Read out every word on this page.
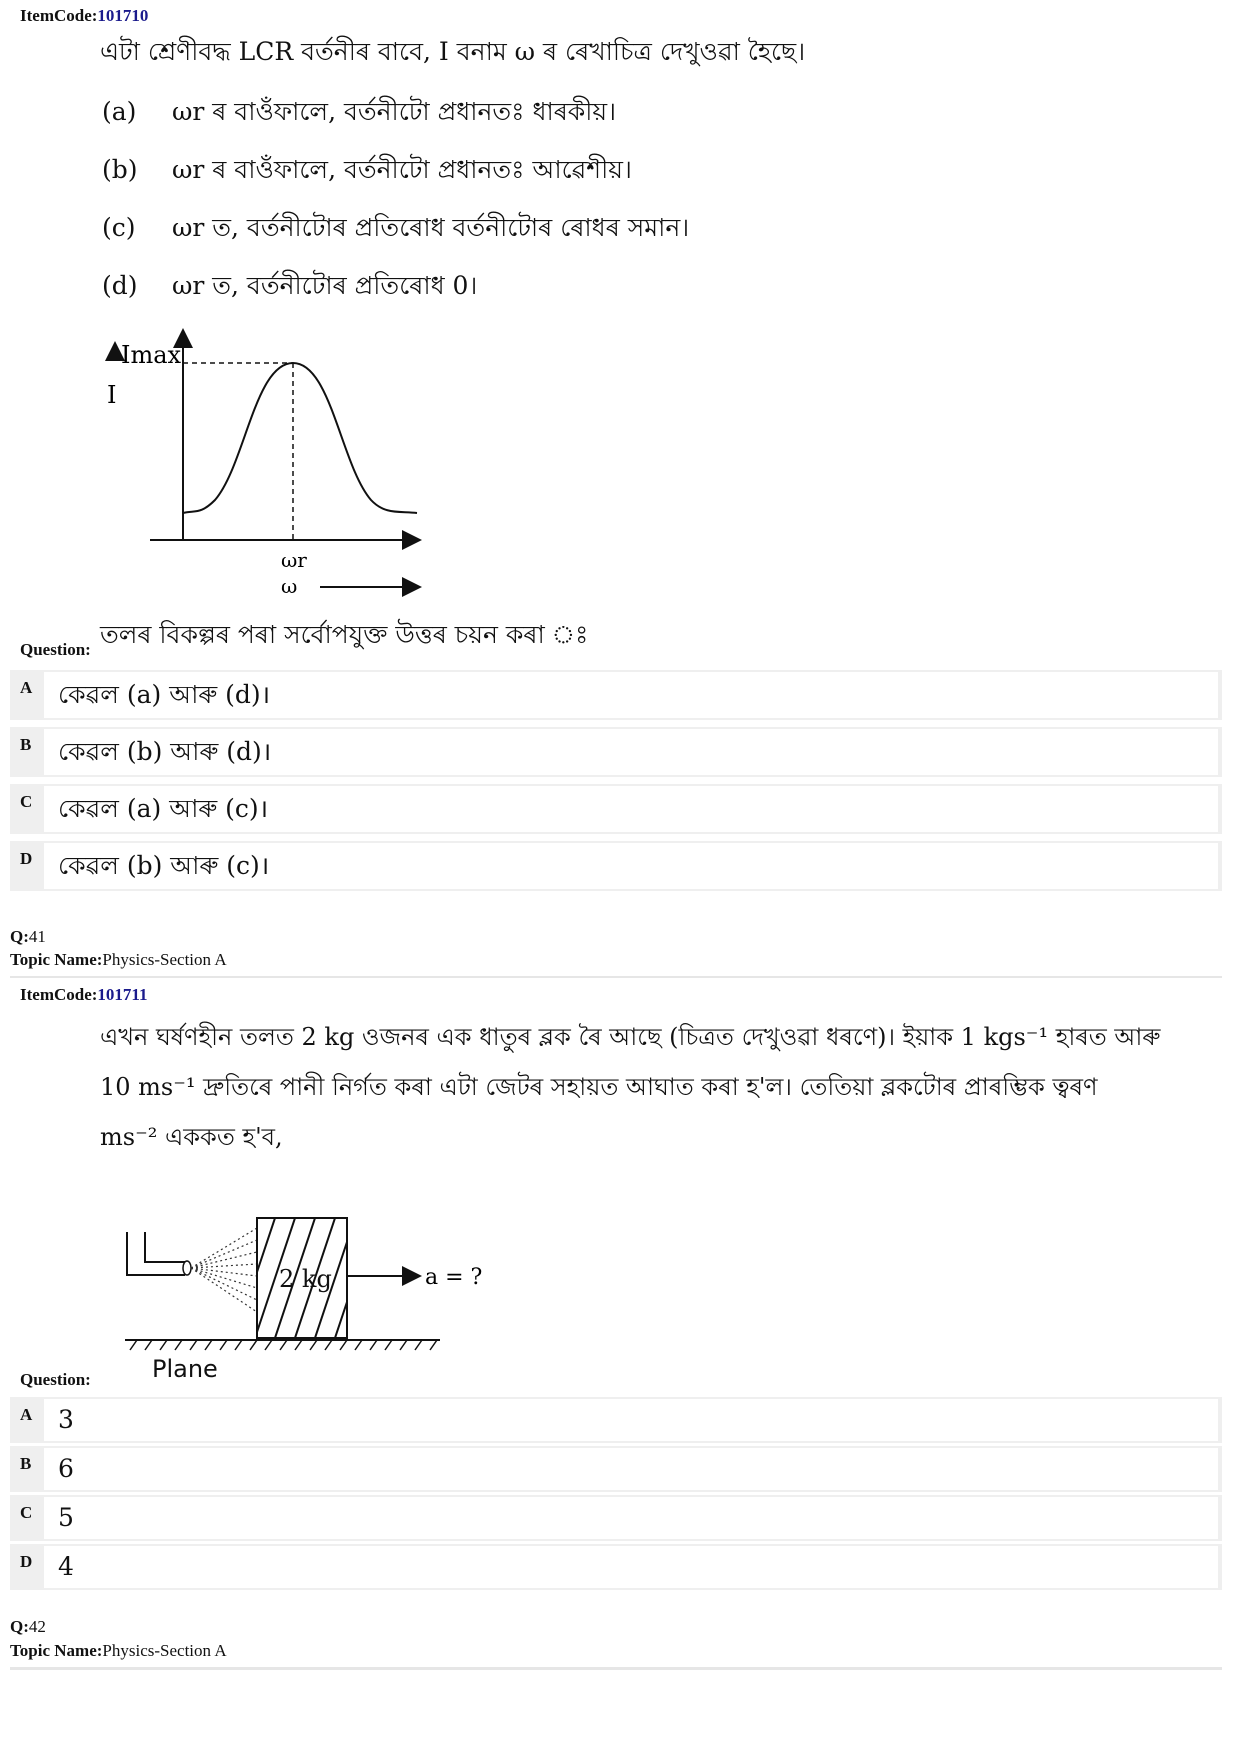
ItemCode:101710
এটা শ্ৰেণীবদ্ধ LCR বৰ্তনীৰ বাবে, I বনাম ω ৰ ৰেখাচিত্ৰ দেখুওৱা হৈছে।
(a) ωr ৰ বাওঁফালে, বৰ্তনীটো প্ৰধানতঃ ধাৰকীয়।
(b) ωr ৰ বাওঁফালে, বৰ্তনীটো প্ৰধানতঃ আৱেশীয়।
(c) ωr ত, বৰ্তনীটোৰ প্ৰতিৰোধ বৰ্তনীটোৰ ৰোধৰ সমান।
(d) ωr ত, বৰ্তনীটোৰ প্ৰতিৰোধ 0।
Imax
I
ωr
ω
Question:
তলৰ বিকল্পৰ পৰা সৰ্বোপযুক্ত উত্তৰ চয়ন কৰা ঃ
A	কেৱল (a) আৰু (d)।
B	কেৱল (b) আৰু (d)।
C	কেৱল (a) আৰু (c)।
D	কেৱল (b) আৰু (c)।
Q:41
Topic Name:Physics-Section A
ItemCode:101711
এখন ঘৰ্ষণহীন তলত 2 kg ওজনৰ এক ধাতুৰ ব্লক ৰৈ আছে (চিত্ৰত দেখুওৱা ধৰণে)। ইয়াক 1 kgs⁻¹ হাৰত আৰু
10 ms⁻¹ দ্ৰুতিৰে পানী নিৰ্গত কৰা এটা জেটৰ সহায়ত আঘাত কৰা হ'ল। তেতিয়া ব্লকটোৰ প্ৰাৰম্ভিক ত্বৰণ
ms⁻² এককত হ'ব,
2 kg	a = ?
Plane
Question:
A	3
B	6
C	5
D	4
Q:42
Topic Name:Physics-Section A
